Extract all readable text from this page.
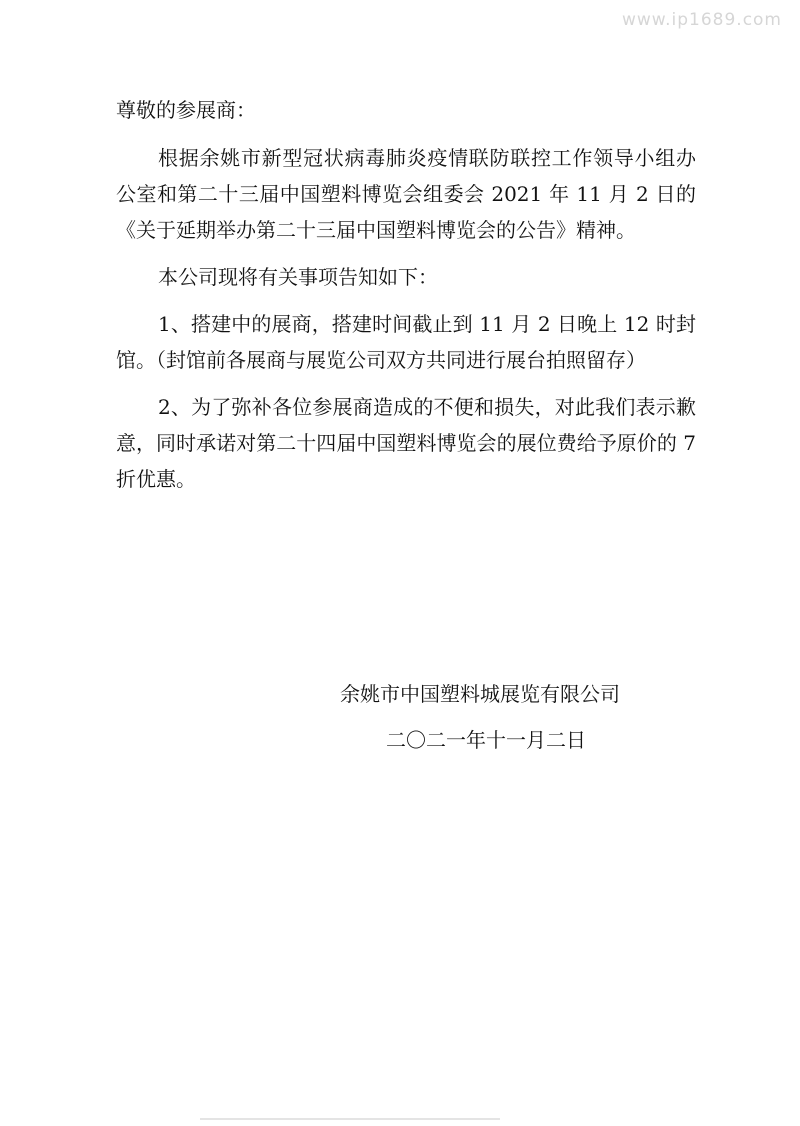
www.ip1689.com

尊敬的参展商：

根据余姚市新型冠状病毒肺炎疫情联防联控工作领导小组办公室和第二十三届中国塑料博览会组委会 2021 年 11 月 2 日的《关于延期举办第二十三届中国塑料博览会的公告》精神。

本公司现将有关事项告知如下：

1、搭建中的展商，搭建时间截止到 11 月 2 日晚上 12 时封馆。（封馆前各展商与展览公司双方共同进行展台拍照留存）

2、为了弥补各位参展商造成的不便和损失，对此我们表示歉意，同时承诺对第二十四届中国塑料博览会的展位费给予原价的 7 折优惠。

余姚市中国塑料城展览有限公司
二〇二一年十一月二日
